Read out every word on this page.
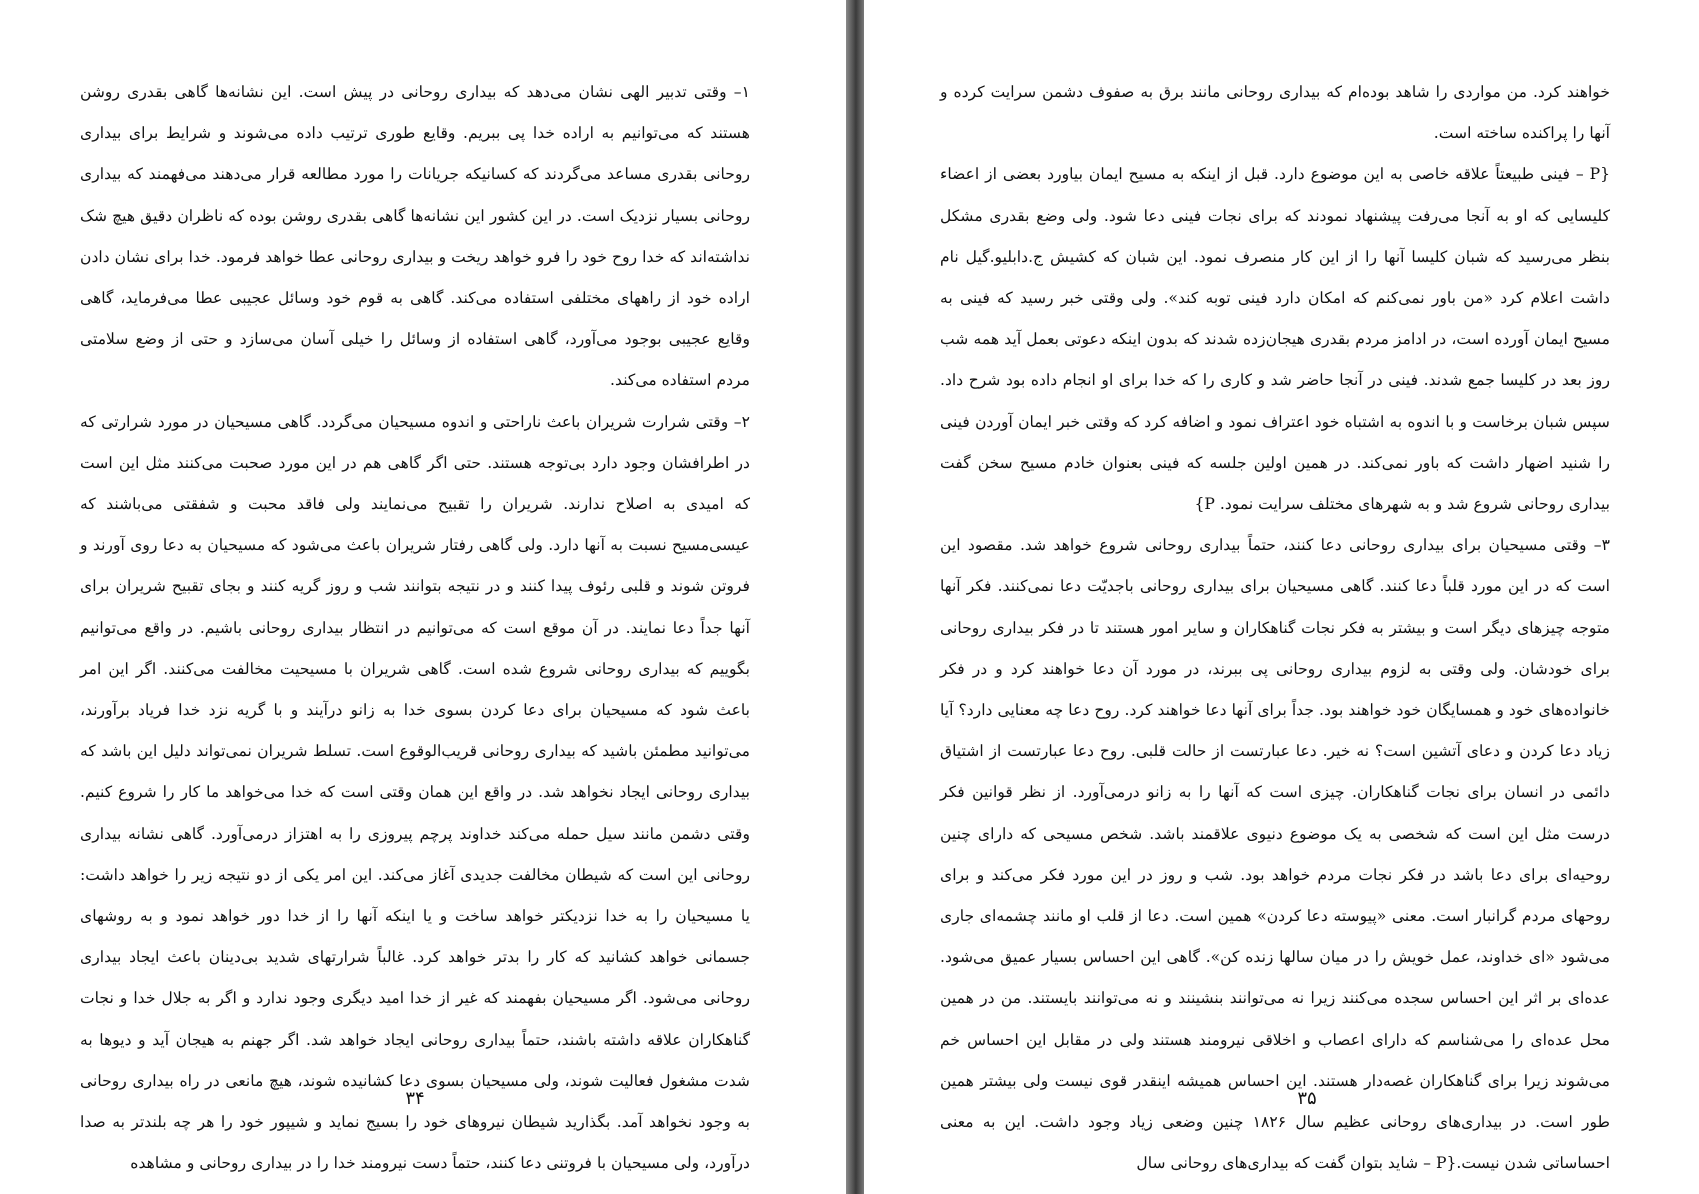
۱– وقتی تدبیر الهی نشان می‌دهد که بیداری روحانی در پیش است. این نشانه‌ها گاهی بقدری روشن هستند که می‌توانیم به اراده خدا پی ببریم. وقایع طوری ترتیب داده می‌شوند و شرایط برای بیداری روحانی بقدری مساعد می‌گردند که کسانیکه جریانات را مورد مطالعه قرار می‌دهند می‌فهمند که بیداری روحانی بسیار نزدیک است. در این کشور این نشانه‌ها گاهی بقدری روشن بوده که ناظران دقیق هیچ شک نداشته‌اند که خدا روح خود را فرو خواهد ریخت و بیداری روحانی عطا خواهد فرمود. خدا برای نشان دادن اراده خود از راههای مختلفی استفاده می‌کند. گاهی به قوم خود وسائل عجیبی عطا می‌فرماید، گاهی وقایع عجیبی بوجود می‌آورد، گاهی استفاده از وسائل را خیلی آسان می‌سازد و حتی از وضع سلامتی مردم استفاده می‌کند.

۲– وقتی شرارت شریران باعث ناراحتی و اندوه مسیحیان می‌گردد. گاهی مسیحیان در مورد شرارتی که در اطرافشان وجود دارد بی‌توجه هستند. حتی اگر گاهی هم در این مورد صحبت می‌کنند مثل این است که امیدی به اصلاح ندارند. شریران را تقبیح می‌نمایند ولی فاقد محبت و شفقتی می‌باشند که عیسی‌مسیح نسبت به آنها دارد. ولی گاهی رفتار شریران باعث می‌شود که مسیحیان به دعا روی آورند و فروتن شوند و قلبی رئوف پیدا کنند و در نتیجه بتوانند شب و روز گریه کنند و بجای تقبیح شریران برای آنها جداً دعا نمایند. در آن موقع است که می‌توانیم در انتظار بیداری روحانی باشیم. در واقع می‌توانیم بگوییم که بیداری روحانی شروع شده است. گاهی شریران با مسیحیت مخالفت می‌کنند. اگر این امر باعث شود که مسیحیان برای دعا کردن بسوی خدا به زانو درآیند و با گریه نزد خدا فریاد برآورند، می‌توانید مطمئن باشید که بیداری روحانی قریب‌الوقوع است. تسلط شریران نمی‌تواند دلیل این باشد که بیداری روحانی ایجاد نخواهد شد. در واقع این همان وقتی است که خدا می‌خواهد ما کار را شروع کنیم. وقتی دشمن مانند سیل حمله می‌کند خداوند پرچم پیروزی را به اهتزاز درمی‌آورد. گاهی نشانه بیداری روحانی این است که شیطان مخالفت جدیدی آغاز می‌کند. این امر یکی از دو نتیجه زیر را خواهد داشت: یا مسیحیان را به خدا نزدیکتر خواهد ساخت و یا اینکه آنها را از خدا دور خواهد نمود و به روشهای جسمانی خواهد کشانید که کار را بدتر خواهد کرد. غالباً شرارتهای شدید بی‌دینان باعث ایجاد بیداری روحانی می‌شود. اگر مسیحیان بفهمند که غیر از خدا امید دیگری وجود ندارد و اگر به جلال خدا و نجات گناهکاران علاقه داشته باشند، حتماً بیداری روحانی ایجاد خواهد شد. اگر جهنم به هیجان آید و دیوها به شدت مشغول فعالیت شوند، ولی مسیحیان بسوی دعا کشانیده شوند، هیچ مانعی در راه بیداری روحانی به وجود نخواهد آمد. بگذارید شیطان نیروهای خود را بسیج نماید و شیپور خود را هر چه بلندتر به صدا درآورد، ولی مسیحیان با فروتنی دعا کنند، حتماً دست نیرومند خدا را در بیداری روحانی و مشاهده

۳۴

خواهند کرد. من مواردی را شاهد بوده‌ام که بیداری روحانی مانند برق به صفوف دشمن سرایت کرده و آنها را پراکنده ساخته است.

{P – فینی طبیعتاً علاقه خاصی به این موضوع دارد. قبل از اینکه به مسیح ایمان بیاورد بعضی از اعضاء کلیسایی که او به آنجا می‌رفت پیشنهاد نمودند که برای نجات فینی دعا شود. ولی وضع بقدری مشکل بنظر می‌رسید که شبان کلیسا آنها را از این کار منصرف نمود. این شبان که کشیش ج.دابلیو.گیل نام داشت اعلام کرد «من باور نمی‌کنم که امکان دارد فینی توبه کند». ولی وقتی خبر رسید که فینی به مسیح ایمان آورده است، در ادامز مردم بقدری هیجان‌زده شدند که بدون اینکه دعوتی بعمل آید همه شب روز بعد در کلیسا جمع شدند. فینی در آنجا حاضر شد و کاری را که خدا برای او انجام داده بود شرح داد. سپس شبان برخاست و با اندوه به اشتباه خود اعتراف نمود و اضافه کرد که وقتی خبر ایمان آوردن فینی را شنید اضهار داشت که باور نمی‌کند. در همین اولین جلسه که فینی بعنوان خادم مسیح سخن گفت بیداری روحانی شروع شد و به شهرهای مختلف سرایت نمود. P}

۳– وقتی مسیحیان برای بیداری روحانی دعا کنند، حتماً بیداری روحانی شروع خواهد شد. مقصود این است که در این مورد قلباً دعا کنند. گاهی مسیحیان برای بیداری روحانی باجدیّت دعا نمی‌کنند. فکر آنها متوجه چیزهای دیگر است و بیشتر به فکر نجات گناهکاران و سایر امور هستند تا در فکر بیداری روحانی برای خودشان. ولی وقتی به لزوم بیداری روحانی پی ببرند، در مورد آن دعا خواهند کرد و در فکر خانواده‌های خود و همسایگان خود خواهند بود. جداً برای آنها دعا خواهند کرد. روح دعا چه معنایی دارد؟ آیا زیاد دعا کردن و دعای آتشین است؟ نه خیر. دعا عبارتست از حالت قلبی. روح دعا عبارتست از اشتیاق دائمی در انسان برای نجات گناهکاران. چیزی است که آنها را به زانو درمی‌آورد. از نظر قوانین فکر درست مثل این است که شخصی به یک موضوع دنیوی علاقمند باشد. شخص مسیحی که دارای چنین روحیه‌ای برای دعا باشد در فکر نجات مردم خواهد بود. شب و روز در این مورد فکر می‌کند و برای روحهای مردم گرانبار است. معنی «پیوسته دعا کردن» همین است. دعا از قلب او مانند چشمه‌ای جاری می‌شود «ای خداوند، عمل خویش را در میان سالها زنده کن». گاهی این احساس بسیار عمیق می‌شود. عده‌ای بر اثر این احساس سجده می‌کنند زیرا نه می‌توانند بنشینند و نه می‌توانند بایستند. من در همین محل عده‌ای را می‌شناسم که دارای اعصاب و اخلاقی نیرومند هستند ولی در مقابل این احساس خم می‌شوند زیرا برای گناهکاران غصه‌دار هستند. این احساس همیشه اینقدر قوی نیست ولی بیشتر همین طور است. در بیداری‌های روحانی عظیم سال ۱۸۲۶ چنین وضعی زیاد وجود داشت. این به معنی احساساتی شدن نیست.{P – شاید بتوان گفت که بیداری‌های روحانی سال

۳۵
